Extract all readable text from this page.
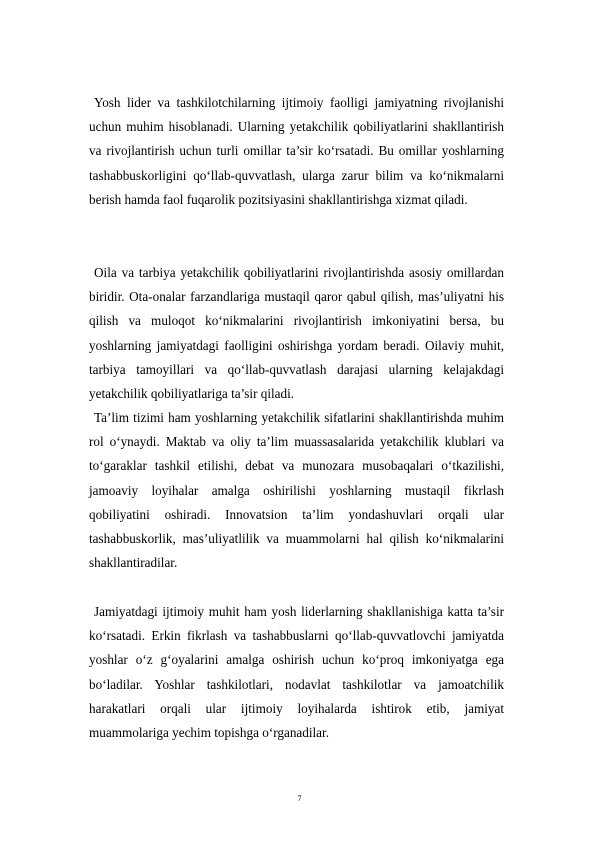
Yosh lider va tashkilotchilarning ijtimoiy faolligi jamiyatning rivojlanishi uchun muhim hisoblanadi. Ularning yetakchilik qobiliyatlarini shakllantirish va rivojlantirish uchun turli omillar ta’sir ko‘rsatadi. Bu omillar yoshlarning tashabbuskorligini qo‘llab-quvvatlash, ularga zarur bilim va ko‘nikmalarni berish hamda faol fuqarolik pozitsiyasini shakllantirishga xizmat qiladi.

Oila va tarbiya yetakchilik qobiliyatlarini rivojlantirishda asosiy omillardan biridir. Ota-onalar farzandlariga mustaqil qaror qabul qilish, mas’uliyatni his qilish va muloqot ko‘nikmalarini rivojlantirish imkoniyatini bersa, bu yoshlarning jamiyatdagi faolligini oshirishga yordam beradi. Oilaviy muhit, tarbiya tamoyillari va qo‘llab-quvvatlash darajasi ularning kelajakdagi yetakchilik qobiliyatlariga ta’sir qiladi.

Ta’lim tizimi ham yoshlarning yetakchilik sifatlarini shakllantirishda muhim rol o‘ynaydi. Maktab va oliy ta’lim muassasalarida yetakchilik klublari va to‘garaklar tashkil etilishi, debat va munozara musobaqalari o‘tkazilishi, jamoaviy loyihalar amalga oshirilishi yoshlarning mustaqil fikrlash qobiliyatini oshiradi. Innovatsion ta’lim yondashuvlari orqali ular tashabbuskorlik, mas’uliyatlilik va muammolarni hal qilish ko‘nikmalarini shakllantiradilar.

Jamiyatdagi ijtimoiy muhit ham yosh liderlarning shakllanishiga katta ta’sir ko‘rsatadi. Erkin fikrlash va tashabbuslarni qo‘llab-quvvatlovchi jamiyatda yoshlar o‘z g‘oyalarini amalga oshirish uchun ko‘proq imkoniyatga ega bo‘ladilar. Yoshlar tashkilotlari, nodavlat tashkilotlar va jamoatchilik harakatlari orqali ular ijtimoiy loyihalarda ishtirok etib, jamiyat muammolariga yechim topishga o‘rganadilar.

7
